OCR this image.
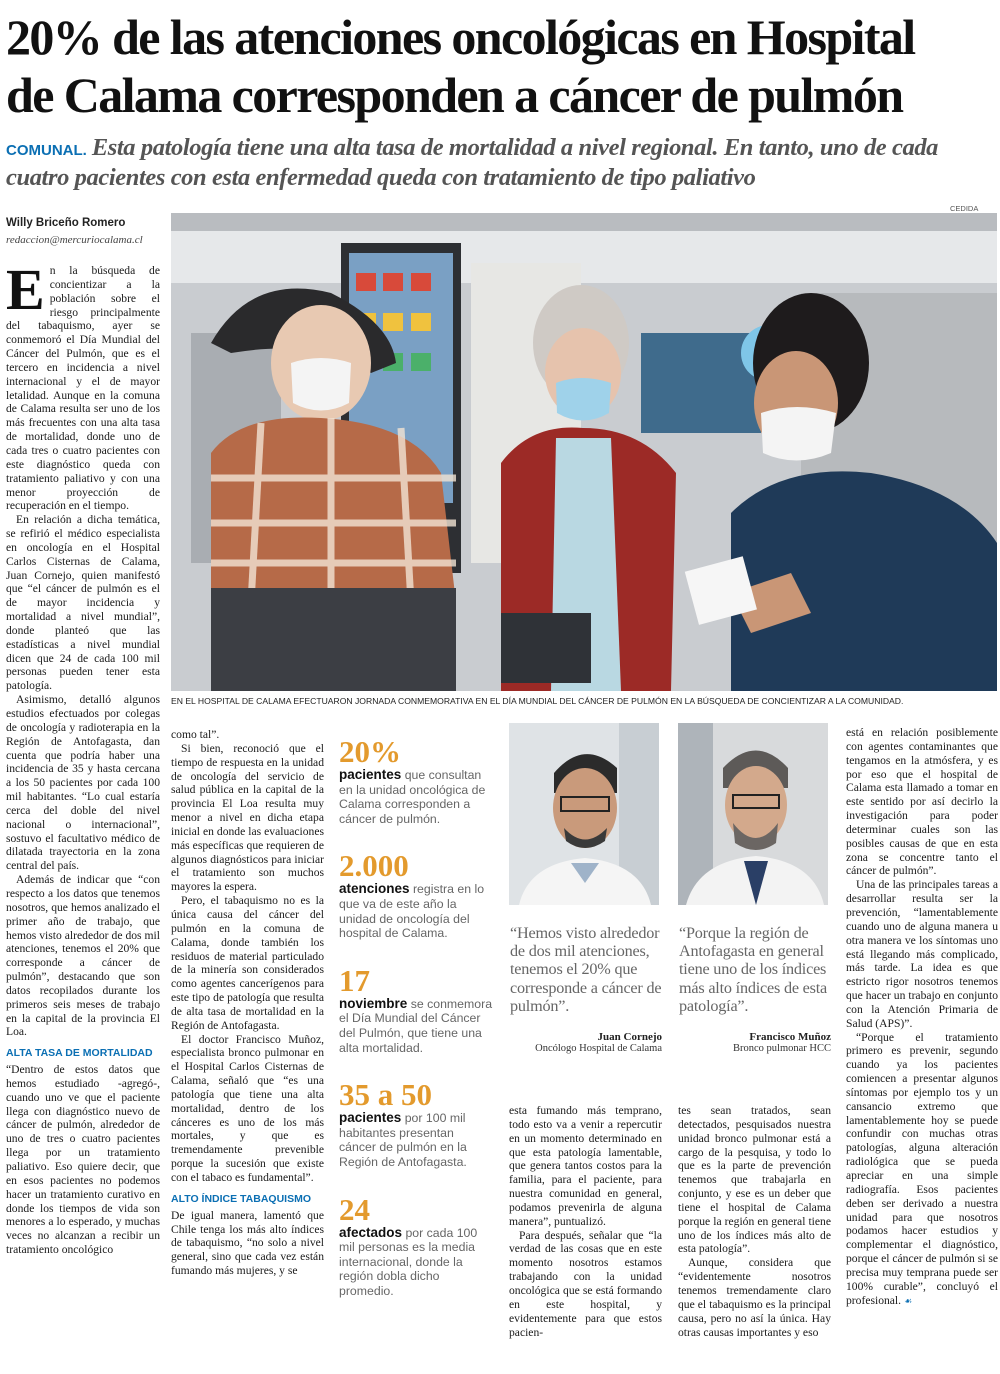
20% de las atenciones oncológicas en Hospital
de Calama corresponden a cáncer de pulmón
COMUNAL. Esta patología tiene una alta tasa de mortalidad a nivel regional. En tanto, uno de cada
cuatro pacientes con esta enfermedad queda con tratamiento de tipo paliativo
Willy Briceño Romero
redaccion@mercuriocalama.cl
CEDIDA
EN EL HOSPITAL DE CALAMA EFECTUARON JORNADA CONMEMORATIVA EN EL DÍA MUNDIAL DEL CÁNCER DE PULMÓN EN LA BÚSQUEDA DE CONCIENTIZAR A LA COMUNIDAD.
E n la búsqueda de concientizar a la población sobre el riesgo principalmente del tabaquismo, ayer se conmemoró el Día Mundial del Cáncer del Pulmón, que es el tercero en incidencia a nivel internacional y el de mayor letalidad. Aunque en la comuna de Calama resulta ser uno de los más frecuentes con una alta tasa de mortalidad, donde uno de cada tres o cuatro pacientes con este diagnóstico queda con tratamiento paliativo y con una menor proyección de recuperación en el tiempo.

En relación a dicha temática, se refirió el médico especialista en oncología en el Hospital Carlos Cisternas de Calama, Juan Cornejo, quien manifestó que “el cáncer de pulmón es el de mayor incidencia y mortalidad a nivel mundial”, donde planteó que las estadísticas a nivel mundial dicen que 24 de cada 100 mil personas pueden tener esta patología.

Asimismo, detalló algunos estudios efectuados por colegas de oncología y radioterapia en la Región de Antofagasta, dan cuenta que podría haber una incidencia de 35 y hasta cercana a los 50 pacientes por cada 100 mil habitantes. “Lo cual estaría cerca del doble del nivel nacional o internacional”, sostuvo el facultativo médico de dilatada trayectoria en la zona central del país.

Además de indicar que “con respecto a los datos que tenemos nosotros, que hemos analizado el primer año de trabajo, que hemos visto alrededor de dos mil atenciones, tenemos el 20% que corresponde a cáncer de pulmón”, destacando que son datos recopilados durante los primeros seis meses de trabajo en la capital de la provincia El Loa.

ALTA TASA DE MORTALIDAD

“Dentro de estos datos que hemos estudiado -agregó-, cuando uno ve que el paciente llega con diagnóstico nuevo de cáncer de pulmón, alrededor de uno de tres o cuatro pacientes llega por un tratamiento paliativo. Eso quiere decir, que en esos pacientes no podemos hacer un tratamiento curativo en donde los tiempos de vida son menores a lo esperado, y muchas veces no alcanzan a recibir un tratamiento oncológico

como tal”.

Si bien, reconoció que el tiempo de respuesta en la unidad de oncología del servicio de salud pública en la capital de la provincia El Loa resulta muy menor a nivel en dicha etapa inicial en donde las evaluaciones más específicas que requieren de algunos diagnósticos para iniciar el tratamiento son muchos mayores la espera.

Pero, el tabaquismo no es la única causa del cáncer del pulmón en la comuna de Calama, donde también los residuos de material particulado de la minería son considerados como agentes cancerígenos para este tipo de patología que resulta de alta tasa de mortalidad en la Región de Antofagasta.

El doctor Francisco Muñoz, especialista bronco pulmonar en el Hospital Carlos Cisternas de Calama, señaló que “es una patología que tiene una alta mortalidad, dentro de los cánceres es uno de los más mortales, y que es tremendamente prevenible porque la sucesión que existe con el tabaco es fundamental”.

ALTO ÍNDICE TABAQUISMO

De igual manera, lamentó que Chile tenga los más alto índices de tabaquismo, “no solo a nivel general, sino que cada vez están fumando más mujeres, y se

20%
pacientes que consultan en la unidad oncológica de Calama corresponden a cáncer de pulmón.
2.000
atenciones registra en lo que va de este año la unidad de oncología del hospital de Calama.
17
noviembre se conmemora el Día Mundial del Cáncer del Pulmón, que tiene una alta mortalidad.
35 a 50
pacientes por 100 mil habitantes presentan cáncer de pulmón en la Región de Antofagasta.
24
afectados por cada 100 mil personas es la media internacional, donde la región dobla dicho promedio.
“Hemos visto alrededor de dos mil atenciones, tenemos el 20% que corresponde a cáncer de pulmón”.
Juan Cornejo
Oncólogo Hospital de Calama
“Porque la región de Antofagasta en general tiene uno de los índices más alto índices de esta patología”.
Francisco Muñoz
Bronco pulmonar HCC

esta fumando más temprano, todo esto va a venir a repercutir en un momento determinado en que esta patología lamentable, que genera tantos costos para la familia, para el paciente, para nuestra comunidad en general, podamos prevenirla de alguna manera”, puntualizó.

Para después, señalar que “la verdad de las cosas que en este momento nosotros estamos trabajando con la unidad oncológica que se está formando en este hospital, y evidentemente para que estos pacien-

tes sean tratados, sean detectados, pesquisados nuestra unidad bronco pulmonar está a cargo de la pesquisa, y todo lo que es la parte de prevención tenemos que trabajarla en conjunto, y ese es un deber que tiene el hospital de Calama porque la región en general tiene uno de los índices más alto de esta patología”.

Aunque, considera que “evidentemente nosotros tenemos tremendamente claro que el tabaquismo es la principal causa, pero no así la única. Hay otras causas importantes y eso

está en relación posiblemente con agentes contaminantes que tengamos en la atmósfera, y es por eso que el hospital de Calama esta llamado a tomar en este sentido por así decirlo la investigación para poder determinar cuales son las posibles causas de que en esta zona se concentre tanto el cáncer de pulmón”.

Una de las principales tareas a desarrollar resulta ser la prevención, “lamentablemente cuando uno de alguna manera u otra manera ve los síntomas uno está llegando más complicado, más tarde. La idea es que estricto rigor nosotros tenemos que hacer un trabajo en conjunto con la Atención Primaria de Salud (APS)”.

“Porque el tratamiento primero es prevenir, segundo cuando ya los pacientes comiencen a presentar algunos síntomas por ejemplo tos y un cansancio extremo que lamentablemente hoy se puede confundir con muchas otras patologías, alguna alteración radiológica que se pueda apreciar en una simple radiografía. Esos pacientes deben ser derivado a nuestra unidad para que nosotros podamos hacer estudios y complementar el diagnóstico, porque el cáncer de pulmón si se precisa muy temprana puede ser 100% curable”, concluyó el profesional. ☙
